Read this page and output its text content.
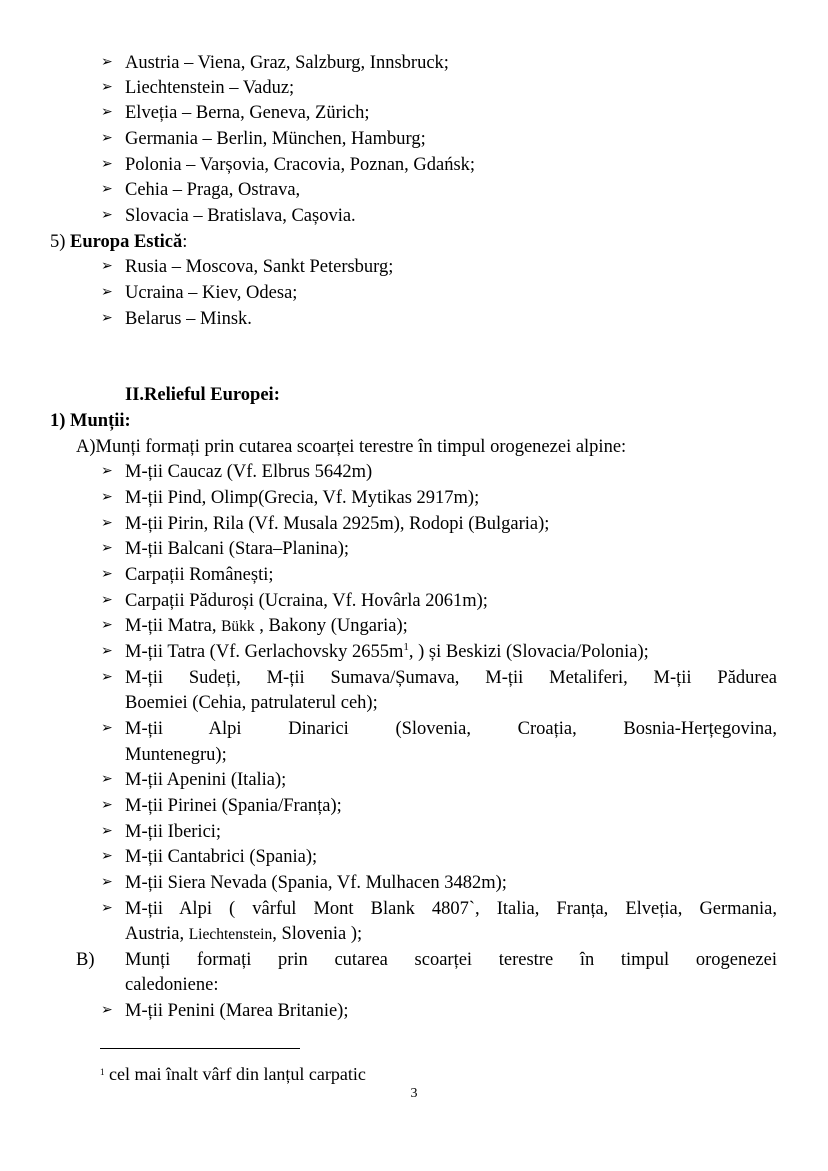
➢ Austria – Viena, Graz, Salzburg, Innsbruck;
➢ Liechtenstein – Vaduz;
➢ Elveția – Berna, Geneva, Zürich;
➢ Germania – Berlin, München, Hamburg;
➢ Polonia – Varșovia, Cracovia, Poznan, Gdańsk;
➢ Cehia – Praga, Ostrava,
➢ Slovacia – Bratislava, Cașovia.
5) Europa Estică:
➢ Rusia – Moscova, Sankt Petersburg;
➢ Ucraina – Kiev, Odesa;
➢ Belarus – Minsk.
II.Relieful Europei:
1) Munții:
A)Munți formați prin cutarea scoarței terestre în timpul orogenezei alpine:
➢ M-ții Caucaz (Vf. Elbrus 5642m)
➢ M-ții Pind, Olimp(Grecia, Vf. Mytikas 2917m);
➢ M-ții Pirin, Rila (Vf. Musala 2925m), Rodopi (Bulgaria);
➢ M-ții Balcani (Stara–Planina);
➢ Carpații Românești;
➢ Carpații Păduroși (Ucraina, Vf. Hovârla 2061m);
➢ M-ții Matra, Bükk , Bakony (Ungaria);
➢ M-ții Tatra (Vf. Gerlachovsky $2655m^1$, ) și Beskizi (Slovacia/Polonia);
➢ M-ții Sudeți, M-ții Sumava/Șumava, M-ții Metaliferi, M-ții Pădurea
Boemiei (Cehia, patrulaterul ceh);
➢ M-ții Alpi Dinarici (Slovenia, Croația, Bosnia-Herțegovina,
Muntenegru);
➢ M-ții Apenini (Italia);
➢ M-ții Pirinei (Spania/Franța);
➢ M-ții Iberici;
➢ M-ții Cantabrici (Spania);
➢ M-ții Siera Nevada (Spania, Vf. Mulhacen 3482m);
➢ M-ții Alpi ( vârful Mont Blank 4807`, Italia, Franța, Elveția, Germania,
Austria, Liechtenstein, Slovenia );
B) Munți formați prin cutarea scoarței terestre în timpul orogenezei
caledoniene:
➢ M-ții Penini (Marea Britanie);
$^1$ cel mai înalt vârf din lanțul carpatic
3
